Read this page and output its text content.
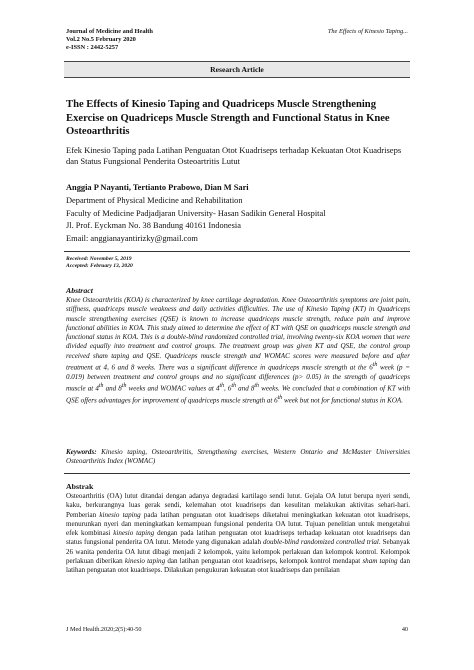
Journal of Medicine and Health
Vol.2 No.5 February 2020
e-ISSN : 2442-5257
The Effects of Kinesio Taping...
Research Article
The Effects of Kinesio Taping and Quadriceps Muscle Strengthening Exercise on Quadriceps Muscle Strength and Functional Status in Knee Osteoarthritis
Efek Kinesio Taping pada Latihan Penguatan Otot Kuadriseps terhadap Kekuatan Otot Kuadriseps dan Status Fungsional Penderita Osteoartritis Lutut
Anggia P Nayanti, Tertianto Prabowo, Dian M Sari
Department of Physical Medicine and Rehabilitation
Faculty of Medicine Padjadjaran University- Hasan Sadikin General Hospital
Jl. Prof. Eyckman No. 38 Bandung 40161 Indonesia
Email: anggianayantirizky@gmail.com
Received: November 5, 2019
Accepted: February 13, 2020
Abstract
Knee Osteoarthritis (KOA) is characterized by knee cartilage degradation. Knee Osteoarthritis symptoms are joint pain, stiffness, quadriceps muscle weakness and daily activities difficulties. The use of Kinesio Taping (KT) in Quadriceps muscle strengthening exercises (QSE) is known to increase quadriceps muscle strength, reduce pain and improve functional abilities in KOA. This study aimed to determine the effect of KT with QSE on quadriceps muscle strength and functional status in KOA. This is a double-blind randomized controlled trial, involving twenty-six KOA women that were divided equally into treatment and control groups. The treatment group was given KT and QSE, the control group received sham taping and QSE. Quadriceps muscle strength and WOMAC scores were measured before and after treatment at 4, 6 and 8 weeks. There was a significant difference in quadriceps muscle strength at the 6th week (p = 0.019) between treatment and control groups and no significant differences (p> 0.05) in the strength of quadriceps muscle at 4th and 8th weeks and WOMAC values at 4th, 6th and 8th weeks. We concluded that a combination of KT with QSE offers advantages for improvement of quadriceps muscle strength at 6th week but not for functional status in KOA.
Keywords: Kinesio taping, Osteoarthritis, Strengthening exercises, Western Ontario and McMaster Universities Osteoarthritis Index (WOMAC)
Abstrak
Osteoarthritis (OA) lutut ditandai dengan adanya degradasi kartilago sendi lutut. Gejala OA lutut berupa nyeri sendi, kaku, berkurangnya luas gerak sendi, kelemahan otot kuadriseps dan kesulitan melakukan aktivitas sehari-hari. Pemberian kinesio taping pada latihan penguatan otot kuadriseps diketahui meningkatkan kekuatan otot kuadriseps, menurunkan nyeri dan meningkatkan kemampuan fungsional penderita OA lutut. Tujuan penelitian untuk mengetahui efek kombinasi kinesio taping dengan pada latihan penguatan otot kuadriseps terhadap kekuatan otot kuadriseps dan status fungsional penderita OA lutut. Metode yang digunakan adalah double-blind randomized controlled trial. Sebanyak 26 wanita penderita OA lutut dibagi menjadi 2 kelompok, yaitu kelompok perlakuan dan kelompok kontrol. Kelompok perlakuan diberikan kinesio taping dan latihan penguatan otot kuadriseps, kelompok kontrol mendapat sham taping dan latihan penguatan otot kuadriseps. Dilakukan pengukuran kekuatan otot kuadriseps dan penilaian
J Med Health.2020;2(5):40-50	40
